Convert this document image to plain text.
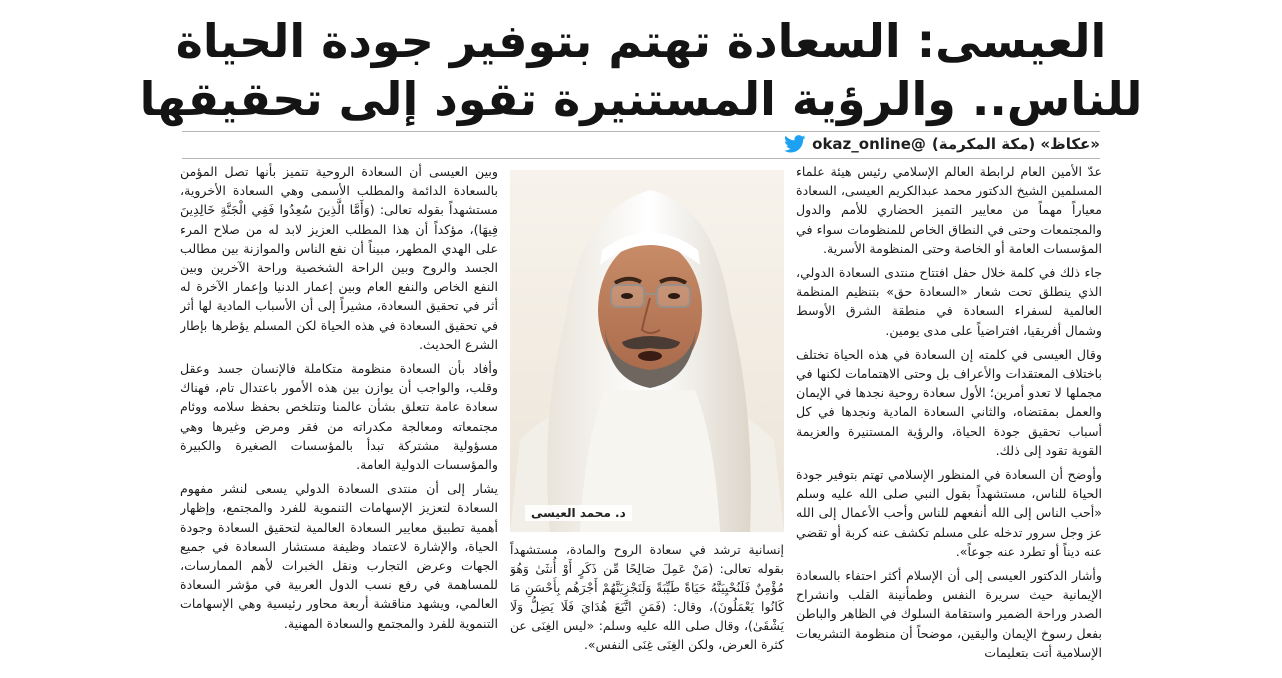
العيسى: السعادة تهتم بتوفير جودة الحياة
للناس.. والرؤية المستنيرة تقود إلى تحقيقها
«عكاظ» (مكة المكرمة)
okaz_online@

عدّ الأمين العام لرابطة العالم الإسلامي رئيس هيئة علماء المسلمين الشيخ الدكتور محمد عبدالكريم العيسى، السعادة معياراً مهماً من معايير التميز الحضاري للأمم والدول والمجتمعات وحتى في النطاق الخاص للمنظومات سواء في المؤسسات العامة أو الخاصة وحتى المنظومة الأسرية.

جاء ذلك في كلمة خلال حفل افتتاح منتدى السعادة الدولي، الذي ينطلق تحت شعار «السعادة حق» بتنظيم المنظمة العالمية لسفراء السعادة في منطقة الشرق الأوسط وشمال أفريقيا، افتراضياً على مدى يومين.

وقال العيسى في كلمته إن السعادة في هذه الحياة تختلف باختلاف المعتقدات والأعراف بل وحتى الاهتمامات لكنها في مجملها لا تعدو أمرين؛ الأول سعادة روحية نجدها في الإيمان والعمل بمقتضاه، والثاني السعادة المادية ونجدها في كل أسباب تحقيق جودة الحياة، والرؤية المستنيرة والعزيمة القوية تقود إلى ذلك.

وأوضح أن السعادة في المنظور الإسلامي تهتم بتوفير جودة الحياة للناس، مستشهداً بقول النبي صلى الله عليه وسلم «أحب الناس إلى الله أنفعهم للناس وأحب الأعمال إلى الله عز وجل سرور تدخله على مسلم تكشف عنه كربة أو تقضي عنه ديناً أو تطرد عنه جوعاً».

وأشار الدكتور العيسى إلى أن الإسلام أكثر احتفاء بالسعادة الإيمانية حيث سريرة النفس وطمأنينة القلب وانشراح الصدر وراحة الضمير واستقامة السلوك في الظاهر والباطن بفعل رسوخ الإيمان واليقين، موضحاً أن منظومة التشريعات الإسلامية أتت بتعليمات

د. محمد العيسى

إنسانية ترشد في سعادة الروح والمادة، مستشهداً بقوله تعالى: (مَنْ عَمِلَ صَالِحًا مِّن ذَكَرٍ أَوْ أُنثَىٰ وَهُوَ مُؤْمِنٌ فَلَنُحْيِيَنَّهُ حَيَاةً طَيِّبَةً وَلَنَجْزِيَنَّهُمْ أَجْرَهُم بِأَحْسَنِ مَا كَانُوا يَعْمَلُونَ)، وقال: (فَمَنِ اتَّبَعَ هُدَايَ فَلَا يَضِلُّ وَلَا يَشْقَىٰ)، وقال صلى الله عليه وسلم: «ليس الغِنَى عن كثرة العرض، ولكن الغِنَى غِنَى النفس».

وبين العيسى أن السعادة الروحية تتميز بأنها تصل المؤمن بالسعادة الدائمة والمطلب الأسمى وهي السعادة الأخروية، مستشهداً بقوله تعالى: (وَأَمَّا الَّذِينَ سُعِدُوا فَفِي الْجَنَّةِ خَالِدِينَ فِيهَا)، مؤكداً أن هذا المطلب العزيز لابد له من صلاح المرء على الهدي المطهر، مبيناً أن نفع الناس والموازنة بين مطالب الجسد والروح وبين الراحة الشخصية وراحة الآخرين وبين النفع الخاص والنفع العام وبين إعمار الدنيا وإعمار الآخرة له أثر في تحقيق السعادة، مشيراً إلى أن الأسباب المادية لها أثر في تحقيق السعادة في هذه الحياة لكن المسلم يؤطرها بإطار الشرع الحديث.

وأفاد بأن السعادة منظومة متكاملة فالإنسان جسد وعقل وقلب، والواجب أن يوازن بين هذه الأمور باعتدال تام، فهناك سعادة عامة تتعلق بشأن عالمنا وتتلخص بحفظ سلامه ووئام مجتمعاته ومعالجة مكدراته من فقر ومرض وغيرها وهي مسؤولية مشتركة تبدأ بالمؤسسات الصغيرة والكبيرة والمؤسسات الدولية العامة.

يشار إلى أن منتدى السعادة الدولي يسعى لنشر مفهوم السعادة لتعزيز الإسهامات التنموية للفرد والمجتمع، وإظهار أهمية تطبيق معايير السعادة العالمية لتحقيق السعادة وجودة الحياة، والإشارة لاعتماد وظيفة مستشار السعادة في جميع الجهات وعرض التجارب ونقل الخبرات لأهم الممارسات، للمساهمة في رفع نسب الدول العربية في مؤشر السعادة العالمي، ويشهد مناقشة أربعة محاور رئيسية وهي الإسهامات التنموية للفرد والمجتمع والسعادة المهنية.
